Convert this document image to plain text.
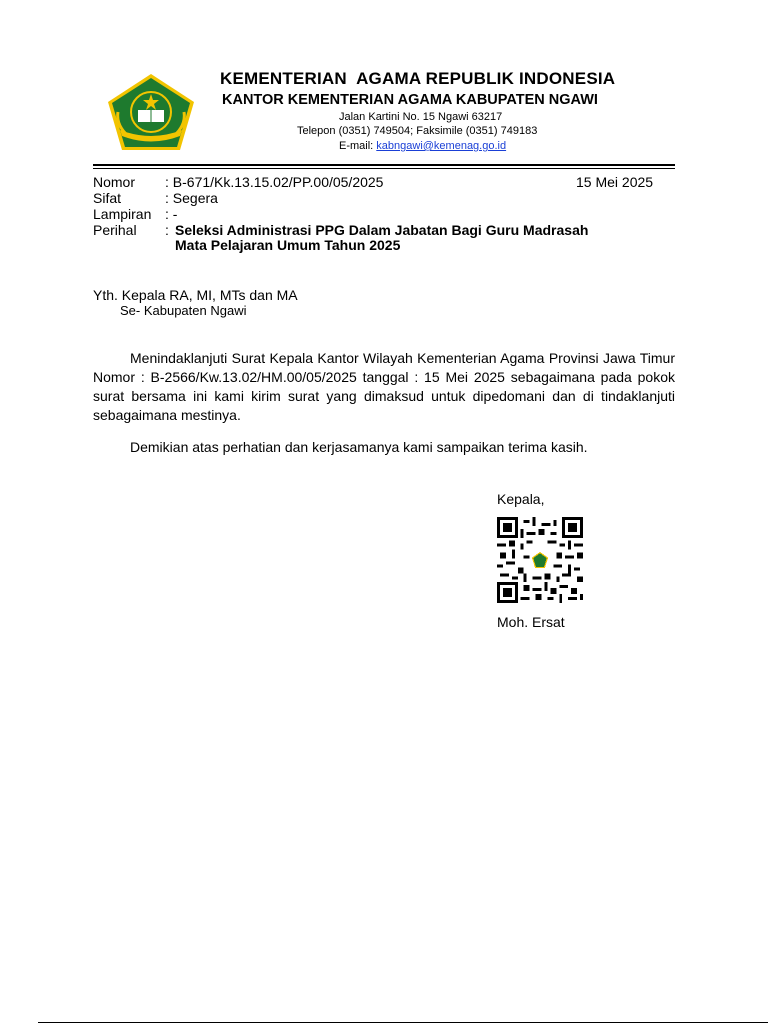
KEMENTERIAN  AGAMA REPUBLIK INDONESIA
KANTOR KEMENTERIAN AGAMA KABUPATEN NGAWI
Jalan Kartini No. 15 Ngawi 63217
Telepon (0351) 749504; Faksimile (0351) 749183
E-mail: kabngawi@kemenag.go.id
Nomor : B-671/Kk.13.15.02/PP.00/05/2025	15 Mei 2025
Sifat	: Segera
Lampiran : -
Perihal : Seleksi Administrasi PPG Dalam Jabatan Bagi Guru Madrasah
Mata Pelajaran Umum Tahun 2025
Yth. Kepala RA, MI, MTs dan MA
Se- Kabupaten Ngawi
Menindaklanjuti Surat Kepala Kantor Wilayah Kementerian Agama Provinsi Jawa Timur Nomor : B-2566/Kw.13.02/HM.00/05/2025 tanggal : 15 Mei 2025 sebagaimana pada pokok surat bersama ini kami kirim surat yang dimaksud untuk dipedomani dan di tindaklanjuti sebagaimana mestinya.
Demikian atas perhatian dan kerjasamanya kami sampaikan terima kasih.
Kepala,
Moh. Ersat
